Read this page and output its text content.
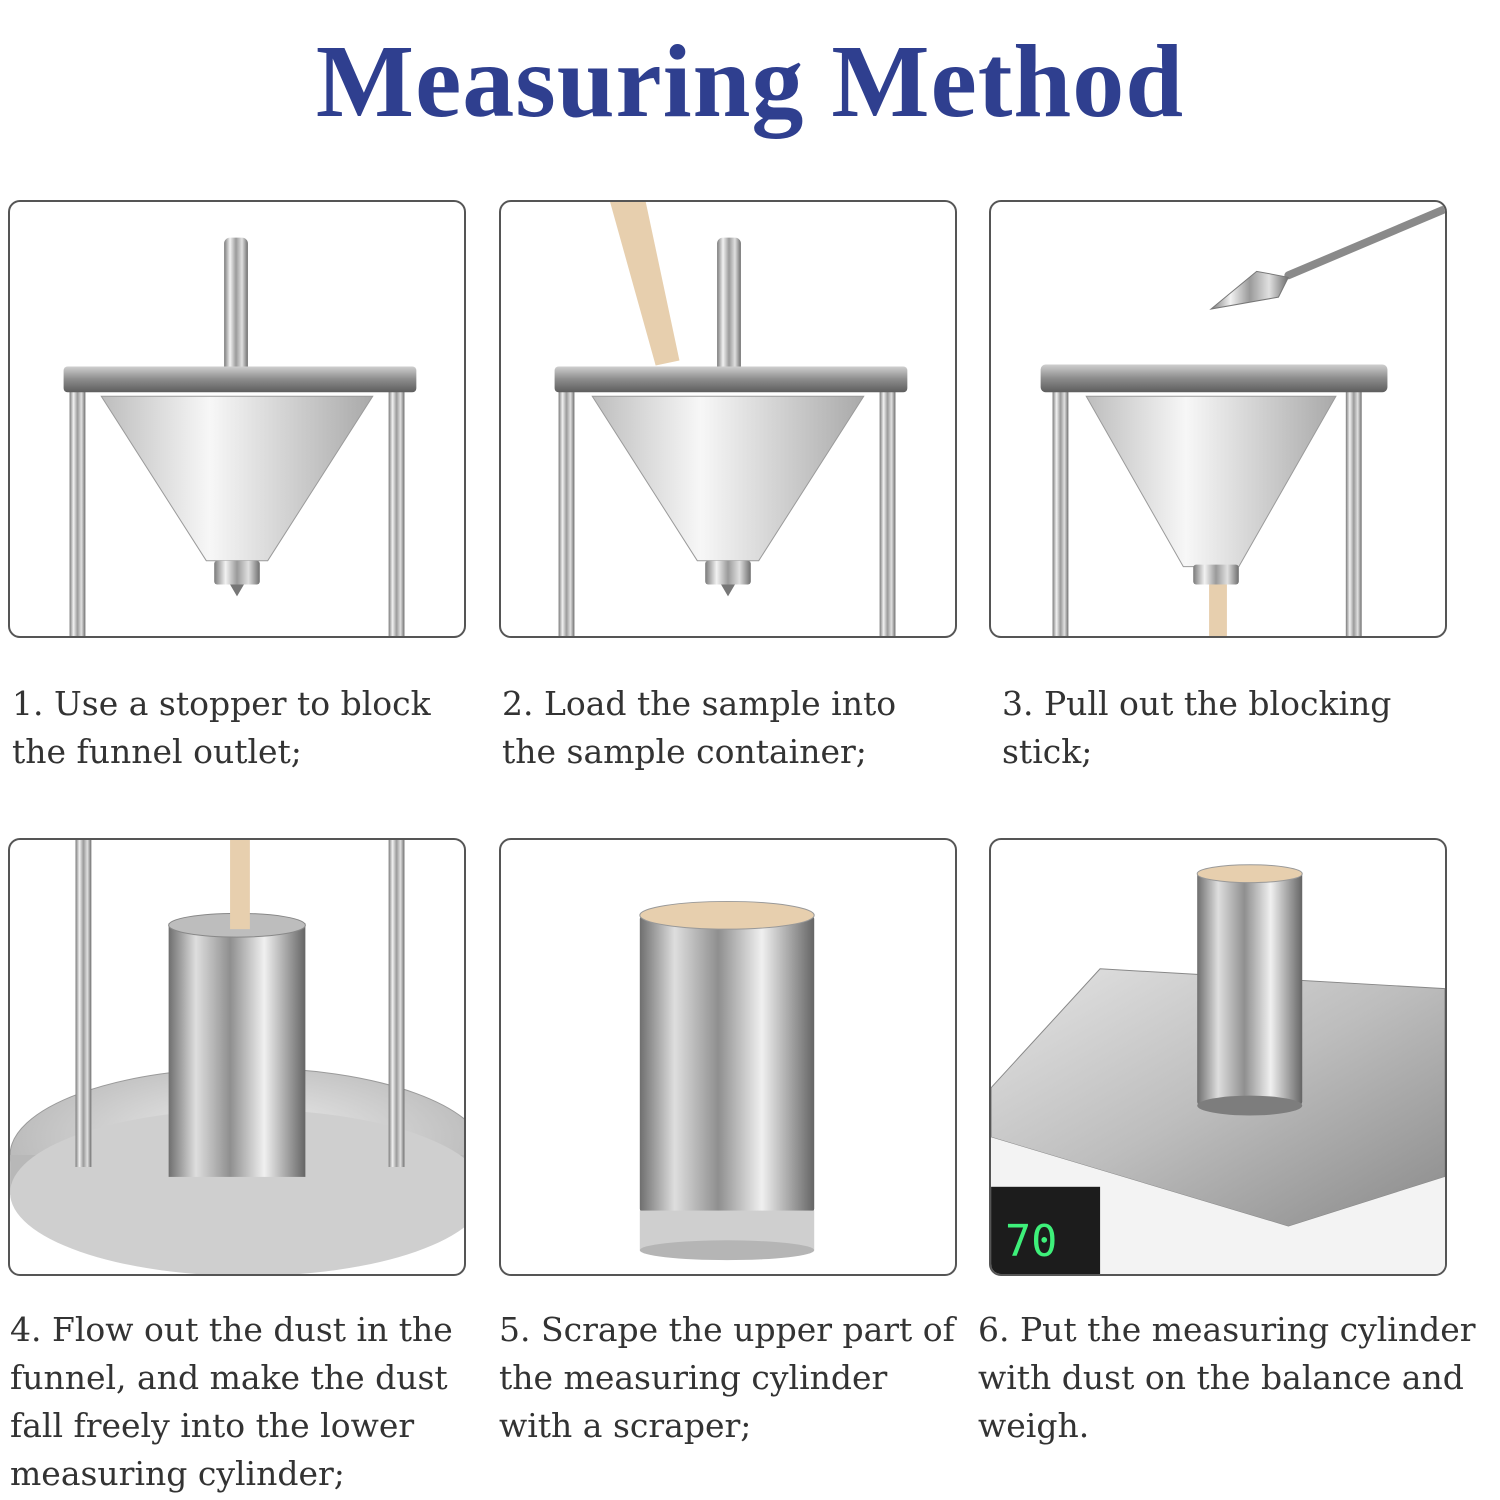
Measuring Method
70

1. Use a stopper to block the funnel outlet;

2. Load the sample into the sample container;

3. Pull out the blocking stick;

4. Flow out the dust in the funnel, and make the dust fall freely into the lower measuring cylinder;

5. Scrape the upper part of the measuring cylinder with a scraper;

6. Put the measuring cylinder with dust on the balance and weigh.
